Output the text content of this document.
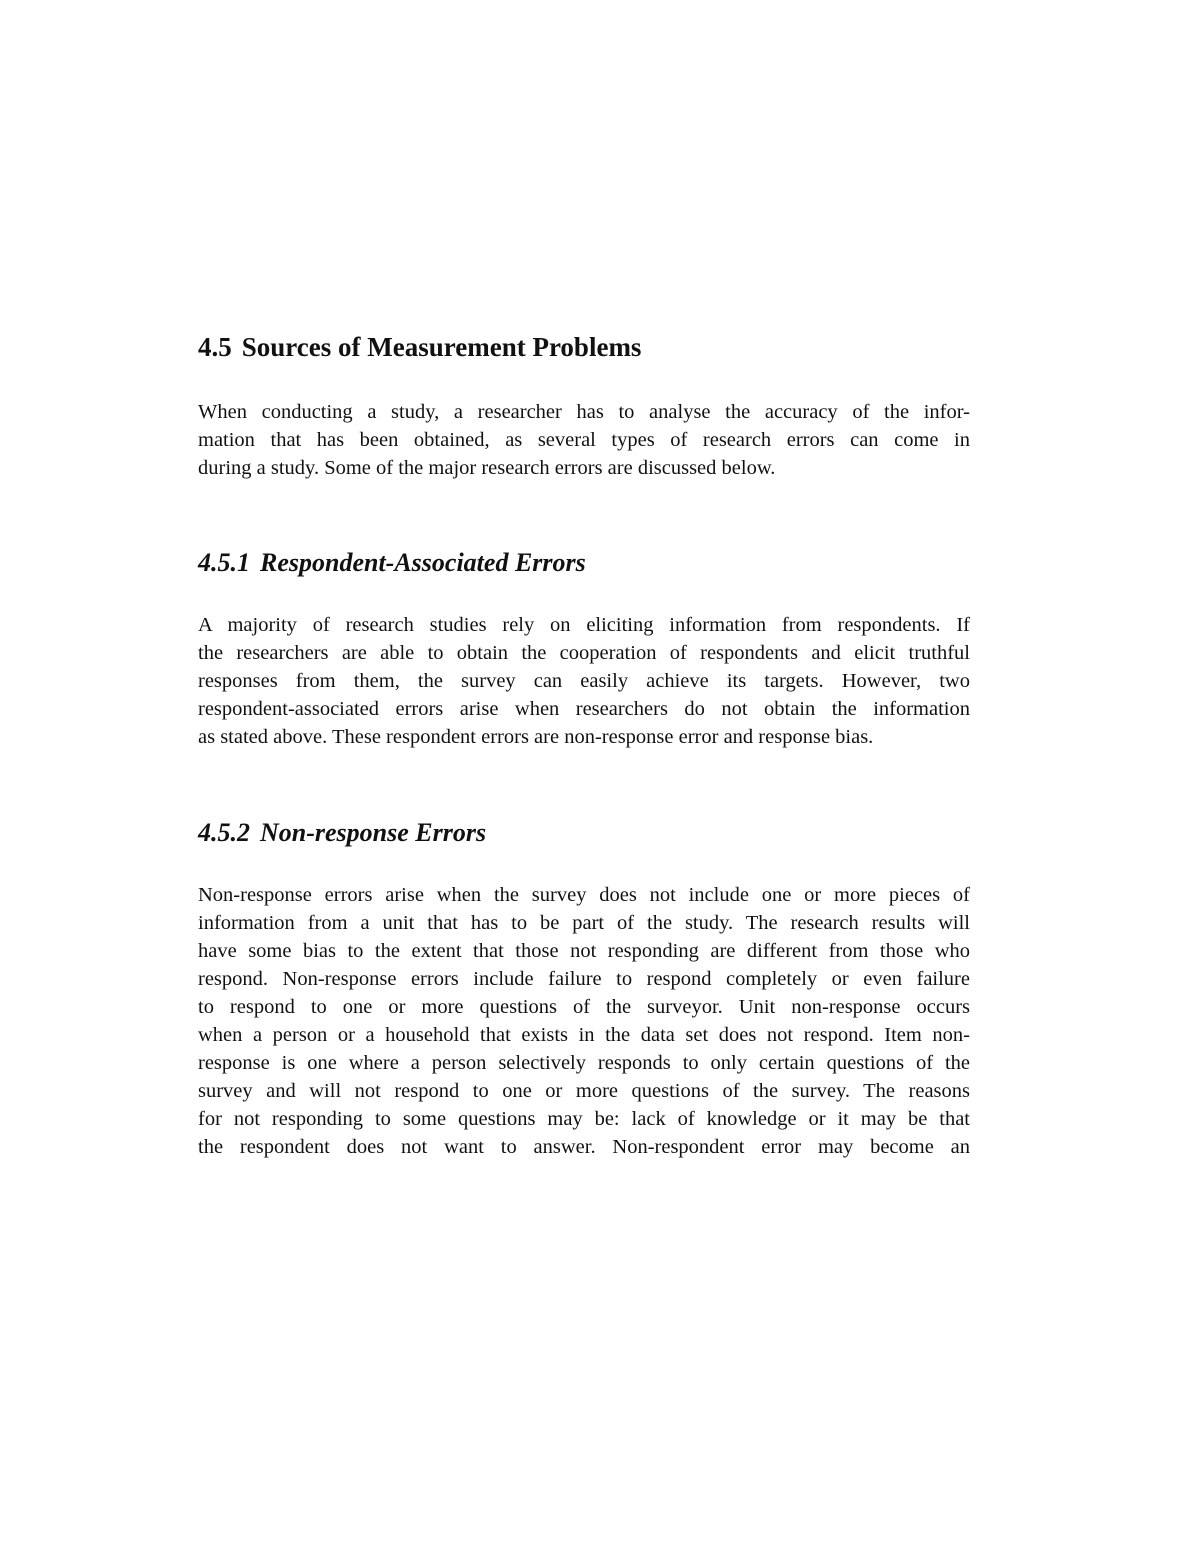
4.5 Sources of Measurement Problems

When conducting a study, a researcher has to analyse the accuracy of the infor-
mation that has been obtained, as several types of research errors can come in
during a study. Some of the major research errors are discussed below.

4.5.1 Respondent-Associated Errors

A majority of research studies rely on eliciting information from respondents. If
the researchers are able to obtain the cooperation of respondents and elicit truthful
responses from them, the survey can easily achieve its targets. However, two
respondent-associated errors arise when researchers do not obtain the information
as stated above. These respondent errors are non-response error and response bias.

4.5.2 Non-response Errors

Non-response errors arise when the survey does not include one or more pieces of
information from a unit that has to be part of the study. The research results will
have some bias to the extent that those not responding are different from those who
respond. Non-response errors include failure to respond completely or even failure
to respond to one or more questions of the surveyor. Unit non-response occurs
when a person or a household that exists in the data set does not respond. Item non-
response is one where a person selectively responds to only certain questions of the
survey and will not respond to one or more questions of the survey. The reasons
for not responding to some questions may be: lack of knowledge or it may be that
the respondent does not want to answer. Non-respondent error may become an
